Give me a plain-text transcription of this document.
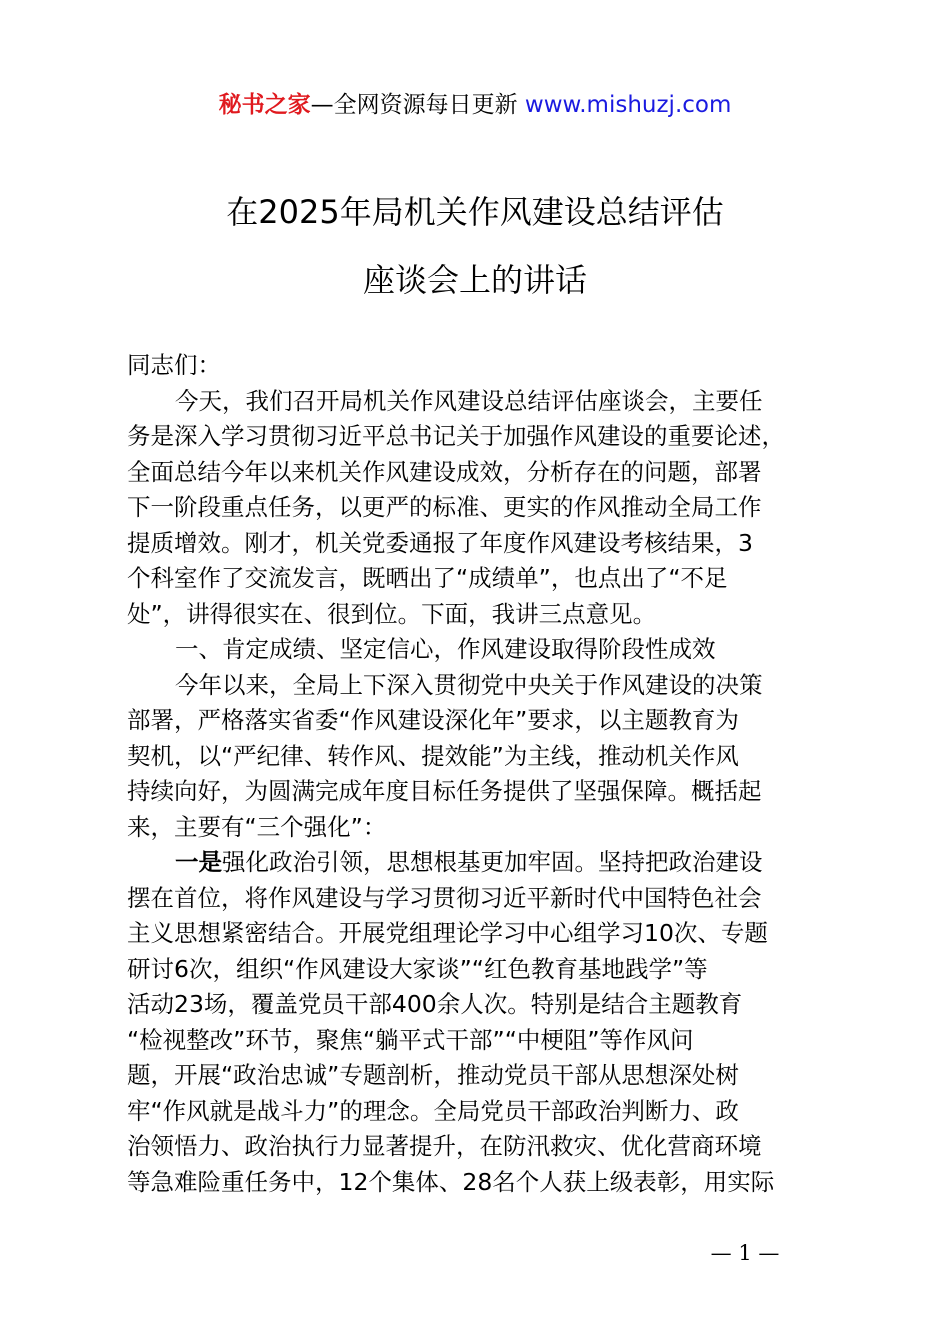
秘书之家—全网资源每日更新 www.mishuzj.com
在2025年局机关作风建设总结评估
座谈会上的讲话
同志们：
今天，我们召开局机关作风建设总结评估座谈会，主要任
务是深入学习贯彻习近平总书记关于加强作风建设的重要论述，
全面总结今年以来机关作风建设成效，分析存在的问题，部署
下一阶段重点任务，以更严的标准、更实的作风推动全局工作
提质增效。刚才，机关党委通报了年度作风建设考核结果，3
个科室作了交流发言，既晒出了“成绩单”，也点出了“不足
处”，讲得很实在、很到位。下面，我讲三点意见。
一、肯定成绩、坚定信心，作风建设取得阶段性成效
今年以来，全局上下深入贯彻党中央关于作风建设的决策
部署，严格落实省委“作风建设深化年”要求，以主题教育为
契机，以“严纪律、转作风、提效能”为主线，推动机关作风
持续向好，为圆满完成年度目标任务提供了坚强保障。概括起
来，主要有“三个强化”：
一是强化政治引领，思想根基更加牢固。坚持把政治建设
摆在首位，将作风建设与学习贯彻习近平新时代中国特色社会
主义思想紧密结合。开展党组理论学习中心组学习10次、专题
研讨6次，组织“作风建设大家谈”“红色教育基地践学”等
活动23场，覆盖党员干部400余人次。特别是结合主题教育
“检视整改”环节，聚焦“躺平式干部”“中梗阻”等作风问
题，开展“政治忠诚”专题剖析，推动党员干部从思想深处树
牢“作风就是战斗力”的理念。全局党员干部政治判断力、政
治领悟力、政治执行力显著提升，在防汛救灾、优化营商环境
等急难险重任务中，12个集体、28名个人获上级表彰，用实际
— 1 —
